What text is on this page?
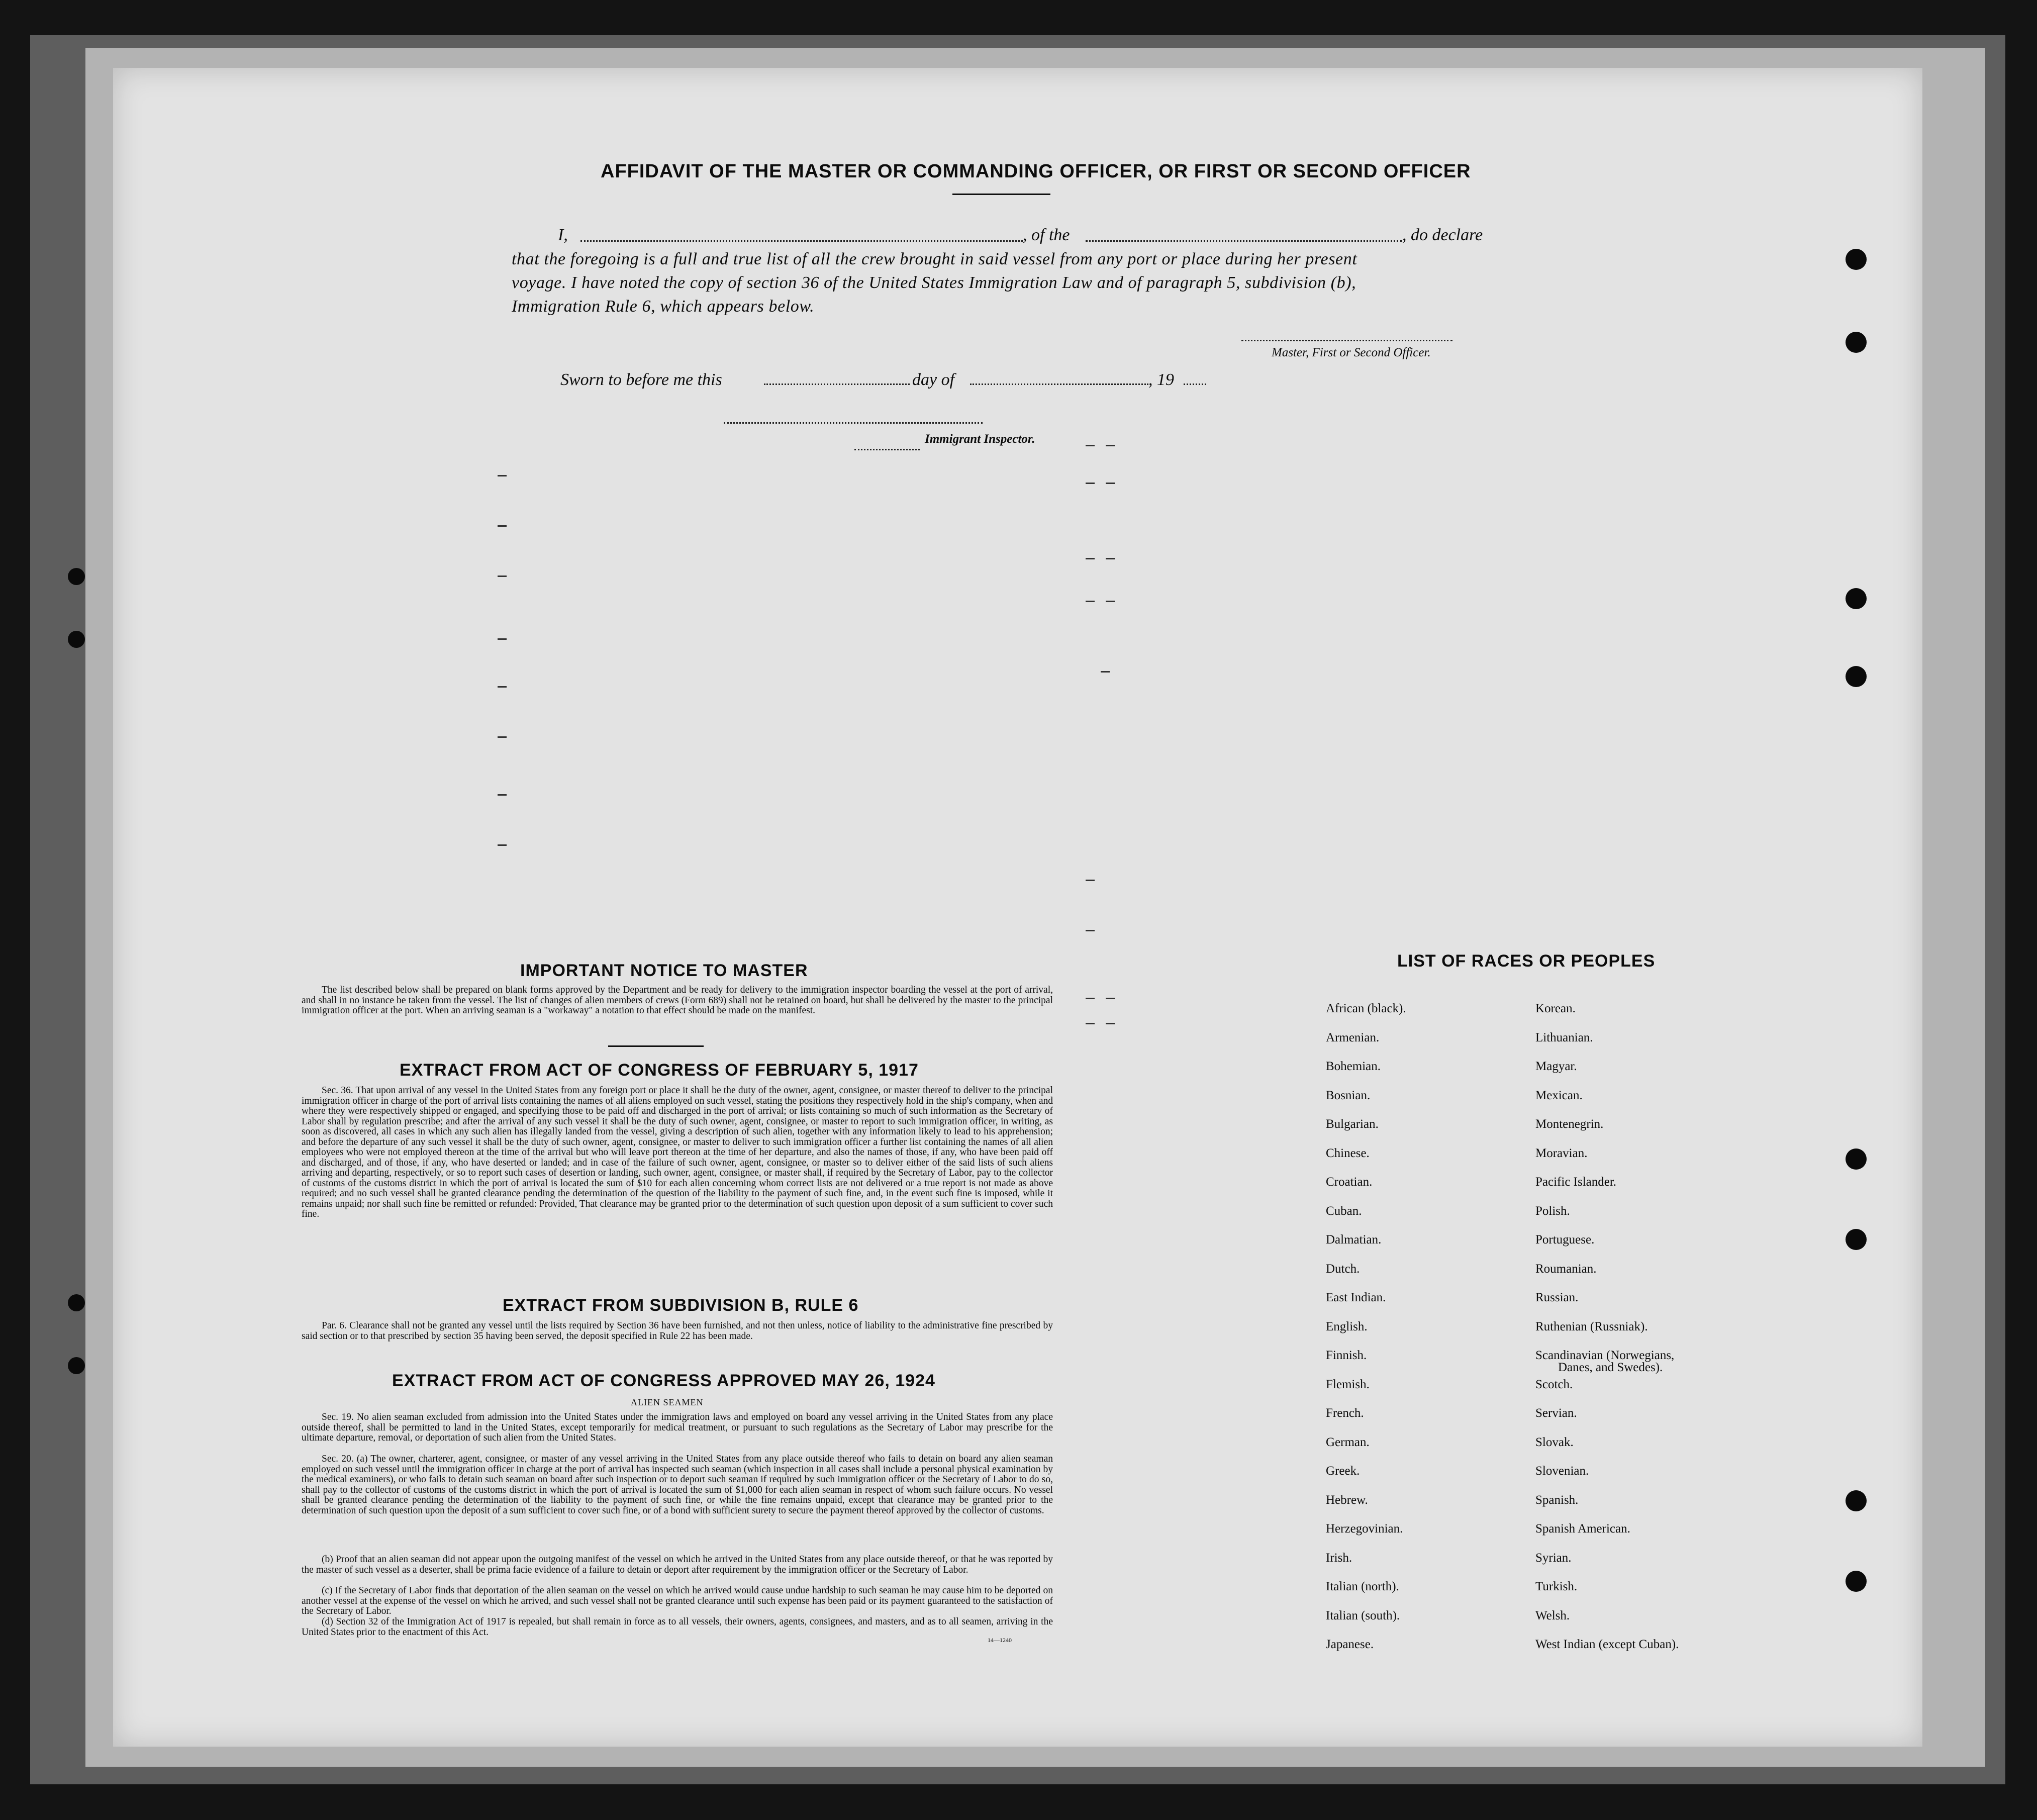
AFFIDAVIT OF THE MASTER OR COMMANDING OFFICER, OR FIRST OR SECOND OFFICER
I,	, of the	, do declare
that the foregoing is a full and true list of all the crew brought in said vessel from any port or place during her present
voyage. I have noted the copy of section 36 of the United States Immigration Law and of paragraph 5, subdivision (b),
Immigration Rule 6, which appears below.
Master, First or Second Officer.
Sworn to before me this	day of	, 19
Immigrant Inspector.
IMPORTANT NOTICE TO MASTER
The list described below shall be prepared on blank forms approved by the Department and be ready for delivery to the immigration inspector boarding the vessel at the port of arrival, and shall in no instance be taken from the vessel. The list of changes of alien members of crews (Form 689) shall not be retained on board, but shall be delivered by the master to the principal immigration officer at the port. When an arriving seaman is a "workaway" a notation to that effect should be made on the manifest.
EXTRACT FROM ACT OF CONGRESS OF FEBRUARY 5, 1917
Sec. 36. That upon arrival of any vessel in the United States from any foreign port or place it shall be the duty of the owner, agent, consignee, or master thereof to deliver to the principal immigration officer in charge of the port of arrival lists containing the names of all aliens employed on such vessel, stating the positions they respectively hold in the ship's company, when and where they were respectively shipped or engaged, and specifying those to be paid off and discharged in the port of arrival; or lists containing so much of such information as the Secretary of Labor shall by regulation prescribe; and after the arrival of any such vessel it shall be the duty of such owner, agent, consignee, or master to report to such immigration officer, in writing, as soon as discovered, all cases in which any such alien has illegally landed from the vessel, giving a description of such alien, together with any information likely to lead to his apprehension; and before the departure of any such vessel it shall be the duty of such owner, agent, consignee, or master to deliver to such immigration officer a further list containing the names of all alien employees who were not employed thereon at the time of the arrival but who will leave port thereon at the time of her departure, and also the names of those, if any, who have been paid off and discharged, and of those, if any, who have deserted or landed; and in case of the failure of such owner, agent, consignee, or master so to deliver either of the said lists of such aliens arriving and departing, respectively, or so to report such cases of desertion or landing, such owner, agent, consignee, or master shall, if required by the Secretary of Labor, pay to the collector of customs of the customs district in which the port of arrival is located the sum of $10 for each alien concerning whom correct lists are not delivered or a true report is not made as above required; and no such vessel shall be granted clearance pending the determination of the question of the liability to the payment of such fine, and, in the event such fine is imposed, while it remains unpaid; nor shall such fine be remitted or refunded: Provided, That clearance may be granted prior to the determination of such question upon deposit of a sum sufficient to cover such fine.
EXTRACT FROM SUBDIVISION B, RULE 6
Par. 6. Clearance shall not be granted any vessel until the lists required by Section 36 have been furnished, and not then unless, notice of liability to the administrative fine prescribed by said section or to that prescribed by section 35 having been served, the deposit specified in Rule 22 has been made.
EXTRACT FROM ACT OF CONGRESS APPROVED MAY 26, 1924
ALIEN SEAMEN
Sec. 19. No alien seaman excluded from admission into the United States under the immigration laws and employed on board any vessel arriving in the United States from any place outside thereof, shall be permitted to land in the United States, except temporarily for medical treatment, or pursuant to such regulations as the Secretary of Labor may prescribe for the ultimate departure, removal, or deportation of such alien from the United States.
Sec. 20. (a) The owner, charterer, agent, consignee, or master of any vessel arriving in the United States from any place outside thereof who fails to detain on board any alien seaman employed on such vessel until the immigration officer in charge at the port of arrival has inspected such seaman (which inspection in all cases shall include a personal physical examination by the medical examiners), or who fails to detain such seaman on board after such inspection or to deport such seaman if required by such immigration officer or the Secretary of Labor to do so, shall pay to the collector of customs of the customs district in which the port of arrival is located the sum of $1,000 for each alien seaman in respect of whom such failure occurs. No vessel shall be granted clearance pending the determination of the liability to the payment of such fine, or while the fine remains unpaid, except that clearance may be granted prior to the determination of such question upon the deposit of a sum sufficient to cover such fine, or of a bond with sufficient surety to secure the payment thereof approved by the collector of customs.
(b) Proof that an alien seaman did not appear upon the outgoing manifest of the vessel on which he arrived in the United States from any place outside thereof, or that he was reported by the master of such vessel as a deserter, shall be prima facie evidence of a failure to detain or deport after requirement by the immigration officer or the Secretary of Labor.
(c) If the Secretary of Labor finds that deportation of the alien seaman on the vessel on which he arrived would cause undue hardship to such seaman he may cause him to be deported on another vessel at the expense of the vessel on which he arrived, and such vessel shall not be granted clearance until such expense has been paid or its payment guaranteed to the satisfaction of the Secretary of Labor.
(d) Section 32 of the Immigration Act of 1917 is repealed, but shall remain in force as to all vessels, their owners, agents, consignees, and masters, and as to all seamen, arriving in the United States prior to the enactment of this Act.
14—1240
LIST OF RACES OR PEOPLES
African (black).
Armenian.
Bohemian.
Bosnian.
Bulgarian.
Chinese.
Croatian.
Cuban.
Dalmatian.
Dutch.
East Indian.
English.
Finnish.
Flemish.
French.
German.
Greek.
Hebrew.
Herzegovinian.
Irish.
Italian (north).
Italian (south).
Japanese.
Korean.
Lithuanian.
Magyar.
Mexican.
Montenegrin.
Moravian.
Pacific Islander.
Polish.
Portuguese.
Roumanian.
Russian.
Ruthenian (Russniak).
Scandinavian (Norwegians,
Danes, and Swedes).
Scotch.
Servian.
Slovak.
Slovenian.
Spanish.
Spanish American.
Syrian.
Turkish.
Welsh.
West Indian (except Cuban).
